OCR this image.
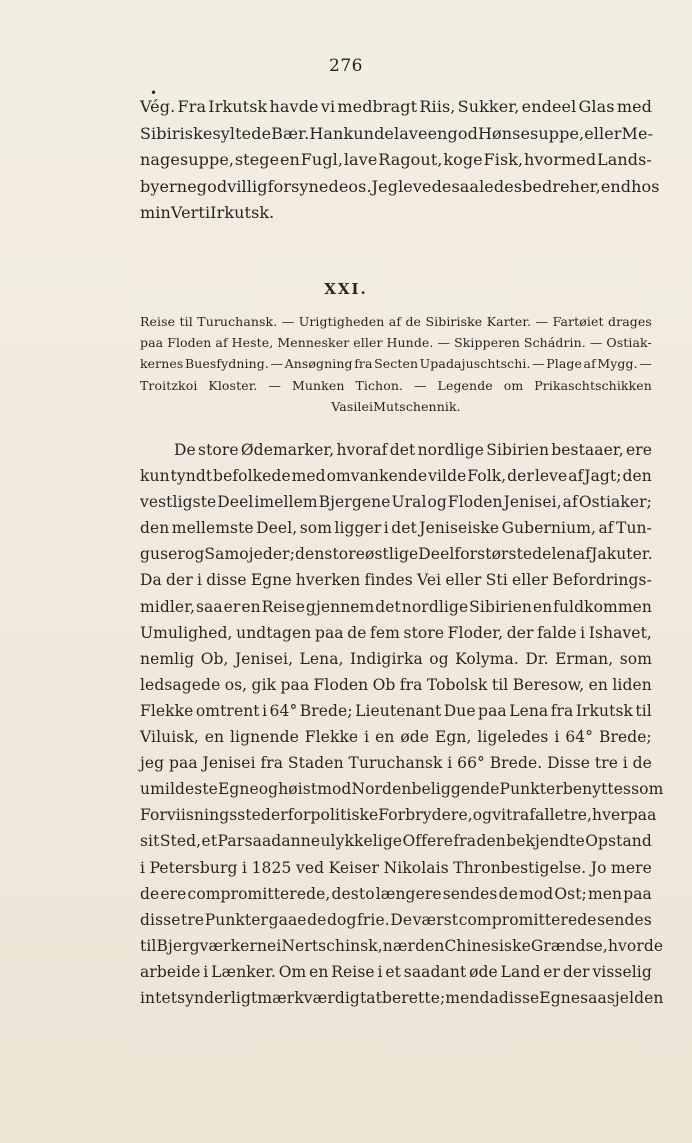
276
•
Vég. Fra Irkutsk havde vi medbragt Riis, Sukker, endeel Glas med
Sibiriske syltede Bær. Han kunde lave en god Hønsesuppe, eller Me-
nagesuppe, stege en Fugl, lave Ragout, koge Fisk, hvormed Lands-
byerne godvillig forsynede os. Jeg levede saaledes bedre her, end hos
min Vert i Irkutsk.
XXI.
Reise til Turuchansk. — Urigtigheden af de Sibiriske Karter. — Fartøiet drages
paa Floden af Heste, Mennesker eller Hunde. — Skipperen Schádrin. — Ostiak-
kernes Buesfydning. — Ansøgning fra Secten Upadajuschtschi. — Plage af Mygg. —
Troitzkoi Kloster. — Munken Tichon. — Legende om Prikaschtschikken
Vasilei Mutschennik.
De store Ødemarker, hvoraf det nordlige Sibirien bestaaer, ere
kun tyndt befolkede med omvankende vilde Folk, der leve af Jagt; den
vestligste Deel imellem Bjergene Ural og Floden Jenisei, af Ostiaker;
den mellemste Deel, som ligger i det Jeniseiske Gubernium, af Tun-
guser og Samojeder; den store østlige Deel forstørstedelen af Jakuter.
Da der i disse Egne hverken findes Vei eller Sti eller Befordrings-
midler, saa er en Reise gjennem det nordlige Sibirien en fuldkommen
Umulighed, undtagen paa de fem store Floder, der falde i Ishavet,
nemlig Ob, Jenisei, Lena, Indigirka og Kolyma. Dr. Erman, som
ledsagede os, gik paa Floden Ob fra Tobolsk til Beresow, en liden
Flekke omtrent i 64° Brede; Lieutenant Due paa Lena fra Irkutsk til
Viluisk, en lignende Flekke i en øde Egn, ligeledes i 64° Brede;
jeg paa Jenisei fra Staden Turuchansk i 66° Brede. Disse tre i de
umildeste Egne og høist mod Norden beliggende Punkter benyttes som
Forviisningssteder for politiske Forbrydere, og vi traf alle tre, hver paa
sit Sted, et Par saadanne ulykkelige Offere fra den bekjendte Opstand
i Petersburg i 1825 ved Keiser Nikolais Thronbestigelse. Jo mere
de ere compromitterede, desto længere sendes de mod Ost; men paa
disse tre Punkter gaae de dog frie. De værst compromitterede sendes
til Bjergværkerne i Nertschinsk, nær den Chinesiske Grændse, hvor de
arbeide i Lænker. Om en Reise i et saadant øde Land er der visselig
intet synderligt mærkværdigt at berette; men da disse Egne saa sjelden
